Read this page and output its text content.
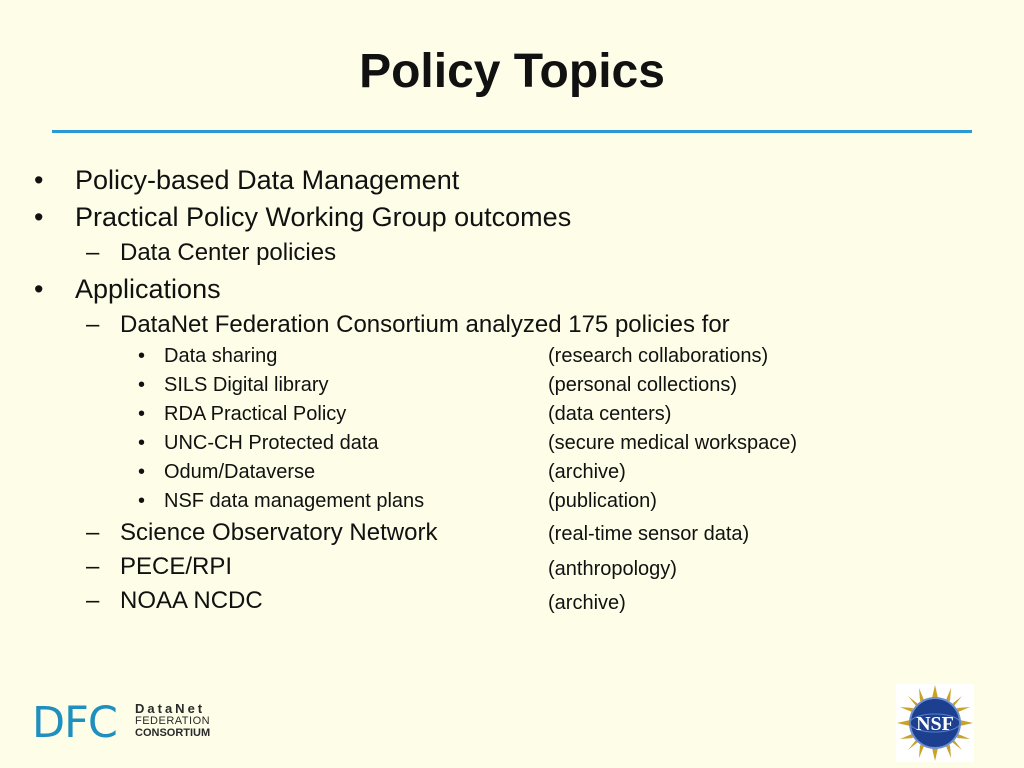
Policy Topics
• Policy-based Data Management
• Practical Policy Working Group outcomes
– Data Center policies
• Applications
– DataNet Federation Consortium analyzed 175 policies for
• Data sharing	(research collaborations)
• SILS Digital library	(personal collections)
• RDA Practical Policy	(data centers)
• UNC-CH Protected data	(secure medical workspace)
• Odum/Dataverse	(archive)
• NSF data management plans	(publication)
– Science Observatory Network	(real-time sensor data)
– PECE/RPI	(anthropology)
– NOAA NCDC	(archive)
DFC DataNet
FEDERATION
CONSORTIUM	NSF
